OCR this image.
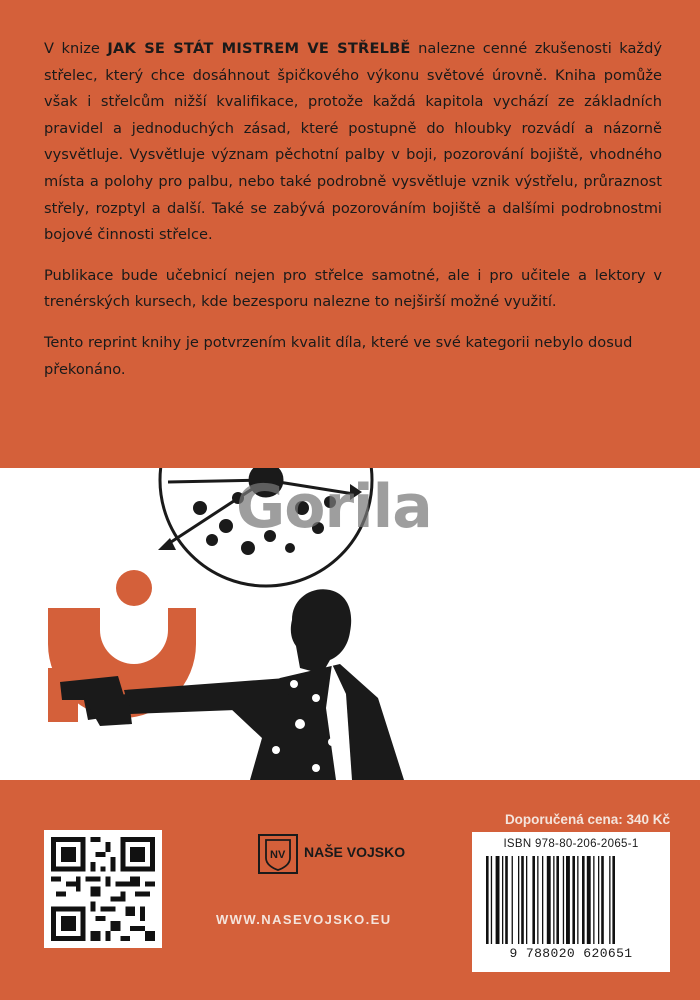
V knize JAK SE STÁT MISTREM VE STŘELBĚ nalezne cenné zkušenosti každý střelec, který chce dosáhnout špičkového výkonu světové úrovně. Kniha pomůže však i střelcům nižší kvalifikace, protože každá kapitola vychází ze základních pravidel a jednoduchých zásad, které postupně do hloubky rozvádí a názorně vysvětluje. Vysvětluje význam pěchotní palby v boji, pozorování bojiště, vhodného místa a polohy pro palbu, nebo také podrobně vysvětluje vznik výstřelu, průraznost střely, rozptyl a další. Také se zabývá pozorováním bojiště a dalšími podrobnostmi bojové činnosti střelce.

Publikace bude učebnicí nejen pro střelce samotné, ale i pro učitele a lektory v trenérských kursech, kde bezesporu nalezne to nejširší možné využití.

Tento reprint knihy je potvrzením kvalit díla, které ve své kategorii nebylo dosud překonáno.

Gorila
Doporučená cena: 340 Kč
NV NAŠE VOJSKO
WWW.NASEVOJSKO.EU
ISBN 978-80-206-2065-1
9 788020 620651
